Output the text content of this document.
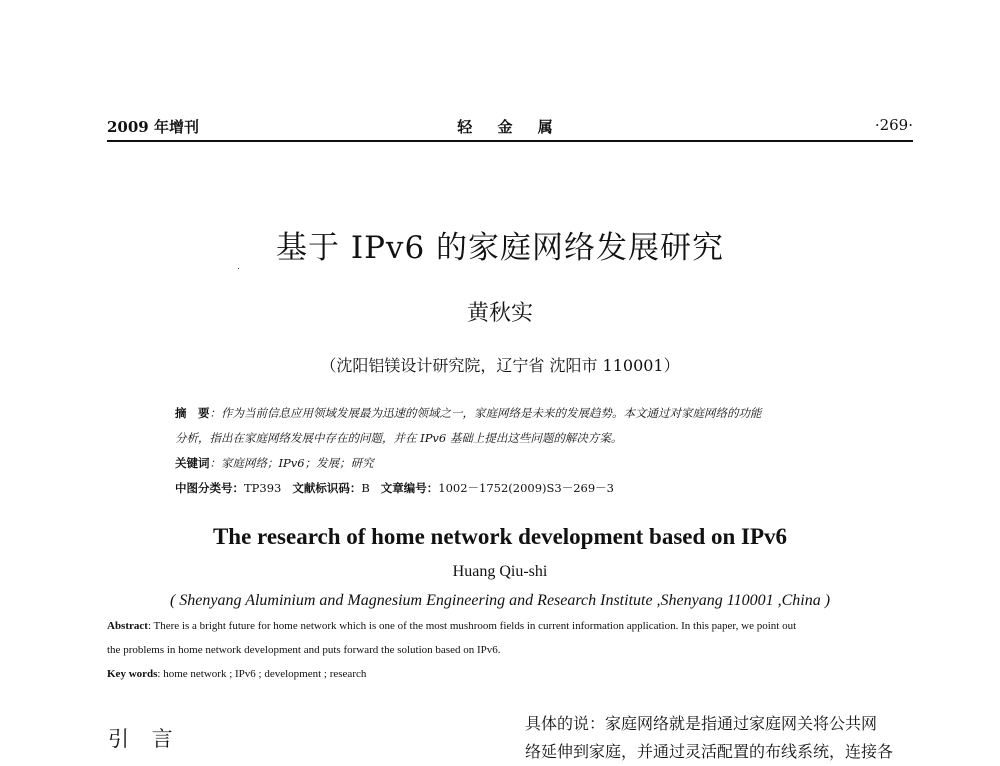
2009 年增刊	轻 金 属	·269·
基于 IPv6 的家庭网络发展研究
黄秋实
（沈阳铝镁设计研究院，辽宁省 沈阳市 110001）
摘　要：作为当前信息应用领域发展最为迅速的领域之一，家庭网络是未来的发展趋势。本文通过对家庭网络的功能
分析，指出在家庭网络发展中存在的问题，并在 IPv6 基础上提出这些问题的解决方案。
关键词：家庭网络；IPv6；发展；研究
中图分类号：TP393 文献标识码：B 文章编号：1002－1752(2009)S3－269－3
The research of home network development based on IPv6
Huang Qiu-shi
( Shenyang Aluminium and Magnesium Engineering and Research Institute ,Shenyang 110001 ,China )
Abstract: There is a bright future for home network which is one of the most mushroom fields in current information application. In this paper, we point out
the problems in home network development and puts forward the solution based on IPv6.
Key words: home network ; IPv6 ; development ; research
引 言
具体的说：家庭网络就是指通过家庭网关将公共网
络延伸到家庭，并通过灵活配置的布线系统，连接各
